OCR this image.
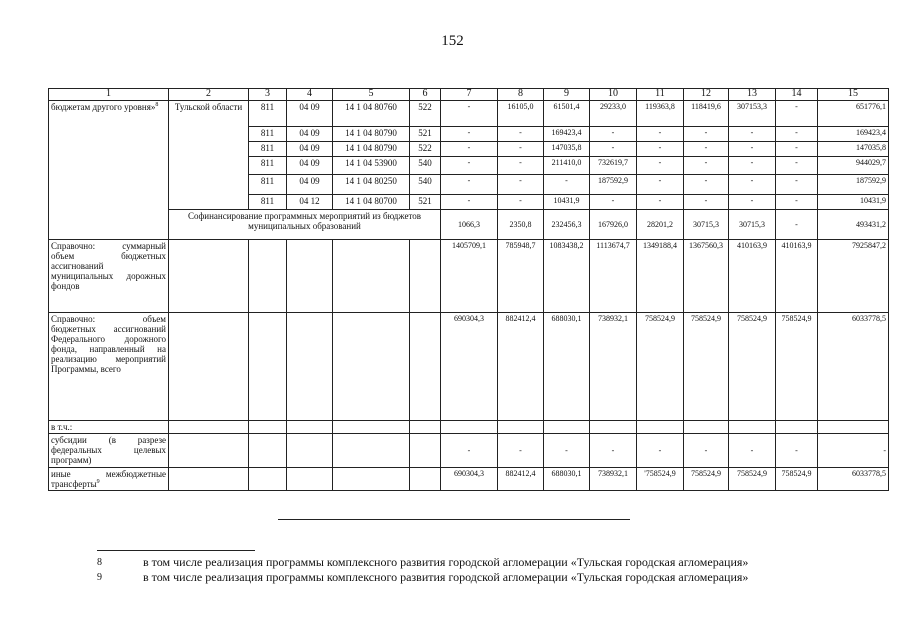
152
1	2	3	4	5	6	7	8	9	10	11	12	13	14	15
бюджетам другого уровня»$^8$	Тульской области	811	04 09	14 1 04 80760	522	-	16105,0	61501,4	29233,0	119363,8	118419,6	307153,3	-	651776,1
		811	04 09	14 1 04 80790	521	-	-	169423,4	-	-	-	-	-	169423,4
		811	04 09	14 1 04 80790	522	-	-	147035,8	-	-	-	-	-	147035,8
		811	04 09	14 1 04 53900	540	-	-	211410,0	732619,7	-	-	-	-	944029,7
		811	04 09	14 1 04 80250	540	-	-	-	187592,9	-	-	-	-	187592,9
		811	04 12	14 1 04 80700	521	-	-	10431,9	-	-	-	-	-	10431,9
	Софинансирование программных мероприятий из бюджетов муниципальных образований					1066,3	2350,8	232456,3	167926,0	28201,2	30715,3	30715,3	-	493431,2
Справочно: суммарный объем бюджетных ассигнований муниципальных дорожных фондов						1405709,1	785948,7	1083438,2	1113674,7	1349188,4	1367560,3	410163,9	410163,9	7925847,2
Справочно: объем бюджетных ассигнований Федерального дорожного фонда, направленный на реализацию мероприятий Программы, всего						690304,3	882412,4	688030,1	738932,1	758524,9	758524,9	758524,9	758524,9	6033778,5
в т.ч.:														
субсидии (в разрезе федеральных целевых программ)						-	-	-	-	-	-	-	-	-
иные межбюджетные трансферты$^9$						690304,3	882412,4	688030,1	738932,1	'758524,9	758524,9	758524,9	758524,9	6033778,5
8	в том числе реализация программы комплексного развития городской агломерации «Тульская городская агломерация»
9	в том числе реализация программы комплексного развития городской агломерации «Тульская городская агломерация»
